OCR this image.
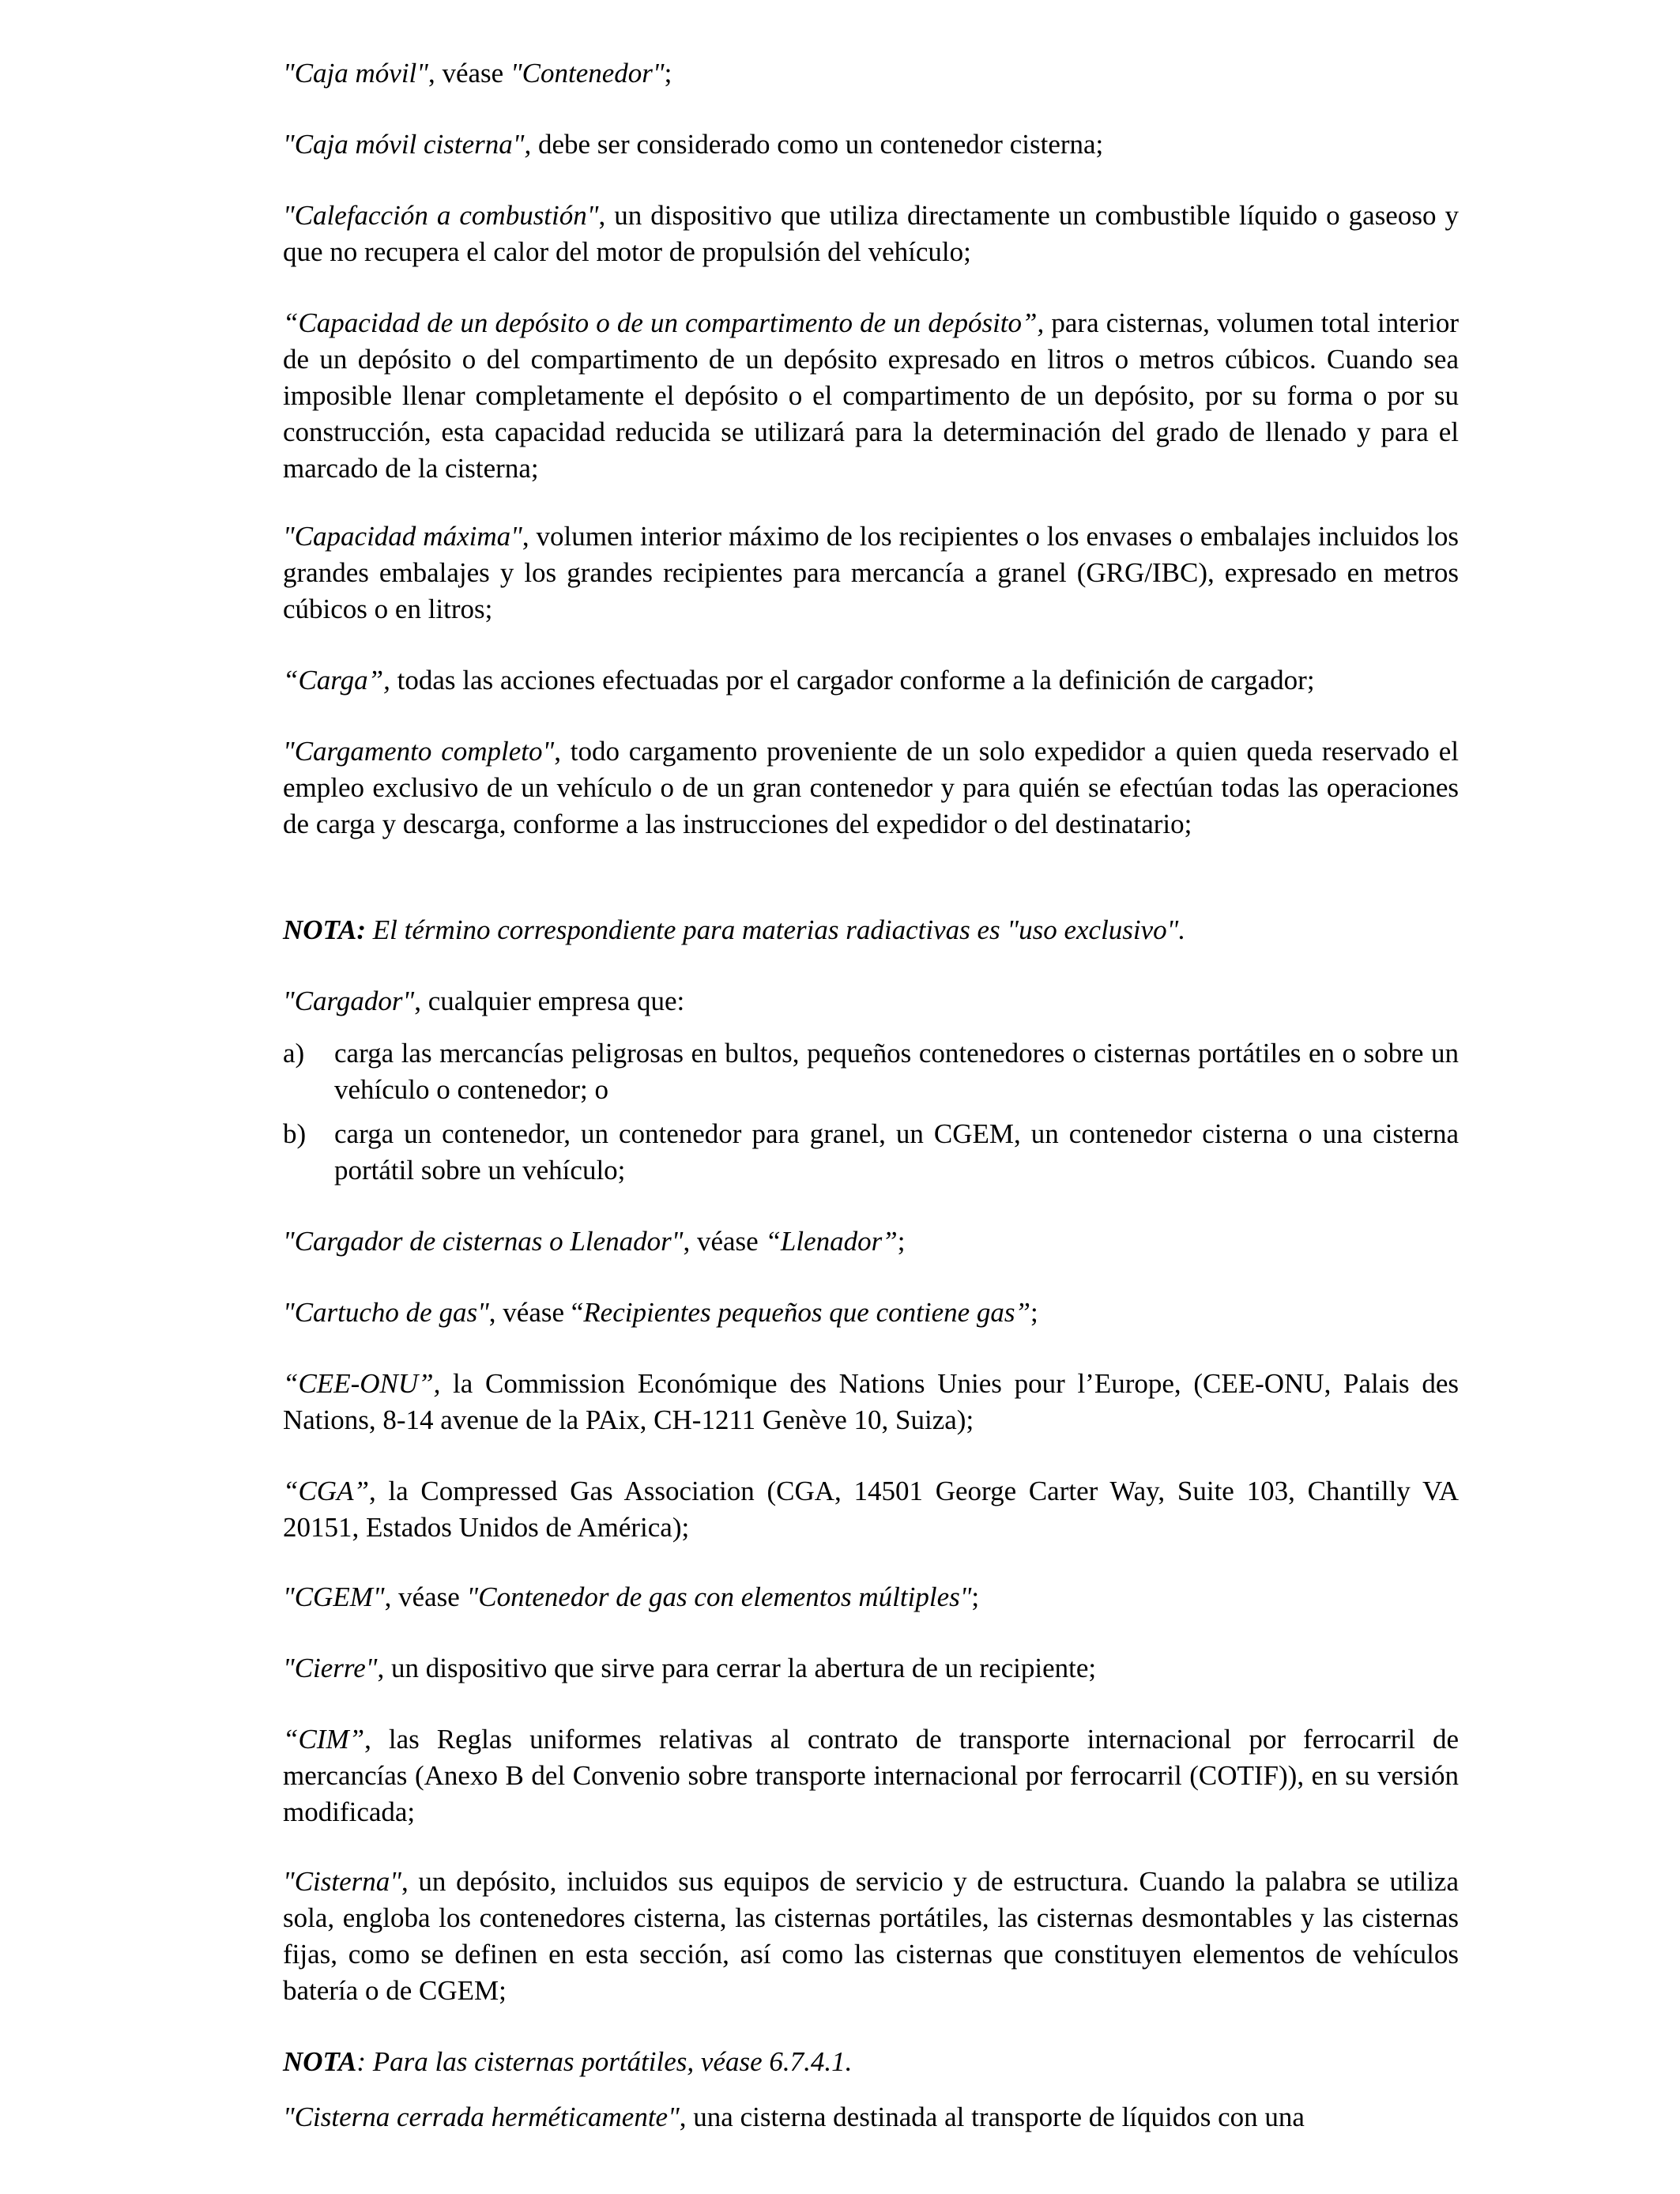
"Caja móvil", véase "Contenedor";

"Caja móvil cisterna", debe ser considerado como un contenedor cisterna;

"Calefacción a combustión", un dispositivo que utiliza directamente un combustible líquido o gaseoso y que no recupera el calor del motor de propulsión del vehículo;

“Capacidad de un depósito o de un compartimento de un depósito”, para cisternas, volumen total interior de un depósito o del compartimento de un depósito expresado en litros o metros cúbicos. Cuando sea imposible llenar completamente el depósito o el compartimento de un depósito, por su forma o por su construcción, esta capacidad reducida se utilizará para la determinación del grado de llenado y para el marcado de la cisterna;

"Capacidad máxima", volumen interior máximo de los recipientes o los envases o embalajes incluidos los grandes embalajes y los grandes recipientes para mercancía a granel (GRG/IBC), expresado en metros cúbicos o en litros;

“Carga”, todas las acciones efectuadas por el cargador conforme a la definición de cargador;

"Cargamento completo", todo cargamento proveniente de un solo expedidor a quien queda reservado el empleo exclusivo de un vehículo o de un gran contenedor y para quién se efectúan todas las operaciones de carga y descarga, conforme a las instrucciones del expedidor o del destinatario;

NOTA: El término correspondiente para materias radiactivas es "uso exclusivo".

"Cargador", cualquier empresa que:

a)	carga las mercancías peligrosas en bultos, pequeños contenedores o cisternas portátiles en o sobre un vehículo o contenedor; o
b)	carga un contenedor, un contenedor para granel, un CGEM, un contenedor cisterna o una cisterna portátil sobre un vehículo;

"Cargador de cisternas o Llenador", véase “Llenador”;

"Cartucho de gas", véase “Recipientes pequeños que contiene gas”;

“CEE-ONU”, la Commission Económique des Nations Unies pour l’Europe, (CEE-ONU, Palais des Nations, 8-14 avenue de la PAix, CH-1211 Genève 10, Suiza);

“CGA”, la Compressed Gas Association (CGA, 14501 George Carter Way, Suite 103, Chantilly VA 20151, Estados Unidos de América);

"CGEM", véase "Contenedor de gas con elementos múltiples";

"Cierre", un dispositivo que sirve para cerrar la abertura de un recipiente;

“CIM”, las Reglas uniformes relativas al contrato de transporte internacional por ferrocarril de mercancías (Anexo B del Convenio sobre transporte internacional por ferrocarril (COTIF)), en su versión modificada;

"Cisterna", un depósito, incluidos sus equipos de servicio y de estructura. Cuando la palabra se utiliza sola, engloba los contenedores cisterna, las cisternas portátiles, las cisternas desmontables y las cisternas fijas, como se definen en esta sección, así como las cisternas que constituyen elementos de vehículos batería o de CGEM;

NOTA: Para las cisternas portátiles, véase 6.7.4.1.

"Cisterna cerrada herméticamente", una cisterna destinada al transporte de líquidos con una
